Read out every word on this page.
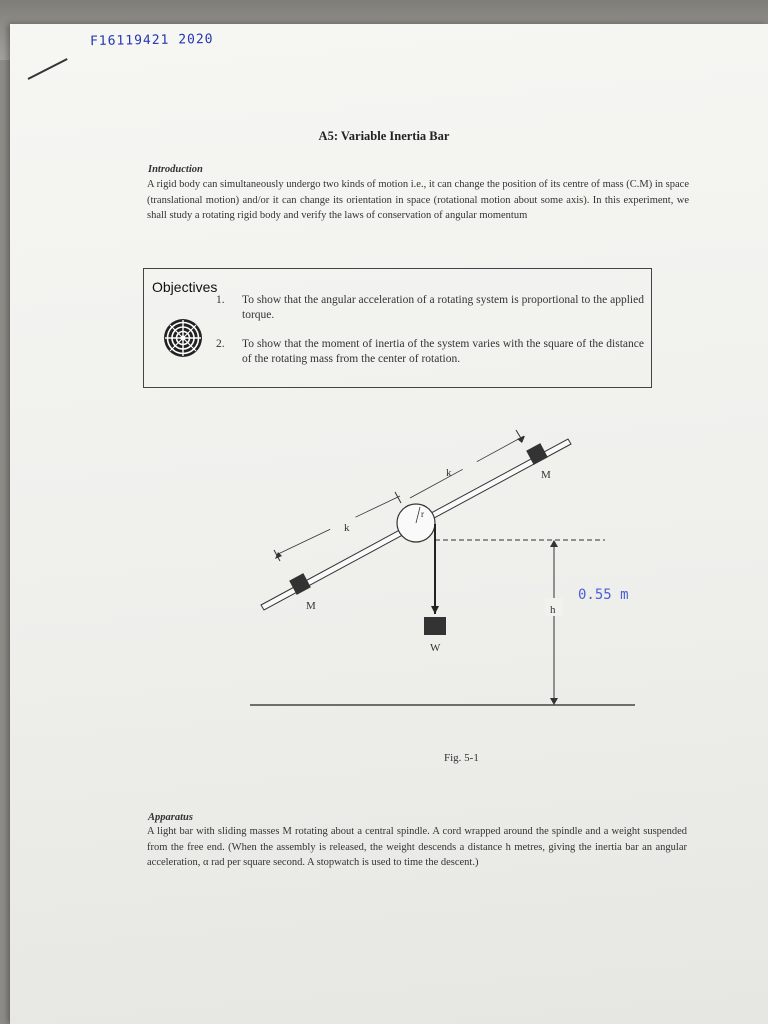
F16119421 2020
A5: Variable Inertia Bar
Introduction

A rigid body can simultaneously undergo two kinds of motion i.e., it can change the position of its centre of mass (C.M) in space (translational motion) and/or it can change its orientation in space (rotational motion about some axis). In this experiment, we shall study a rotating rigid body and verify the laws of conservation of angular momentum

Objectives
1. To show that the angular acceleration of a rotating system is proportional to the applied torque.
2. To show that the moment of inertia of the system varies with the square of the distance of the rotating mass from the center of rotation.
M
M
k
k
r
W
h
0.55 m
Fig. 5-1
Apparatus

A light bar with sliding masses M rotating about a central spindle. A cord wrapped around the spindle and a weight suspended from the free end. (When the assembly is released, the weight descends a distance h metres, giving the inertia bar an angular acceleration, α rad per square second. A stopwatch is used to time the descent.)
